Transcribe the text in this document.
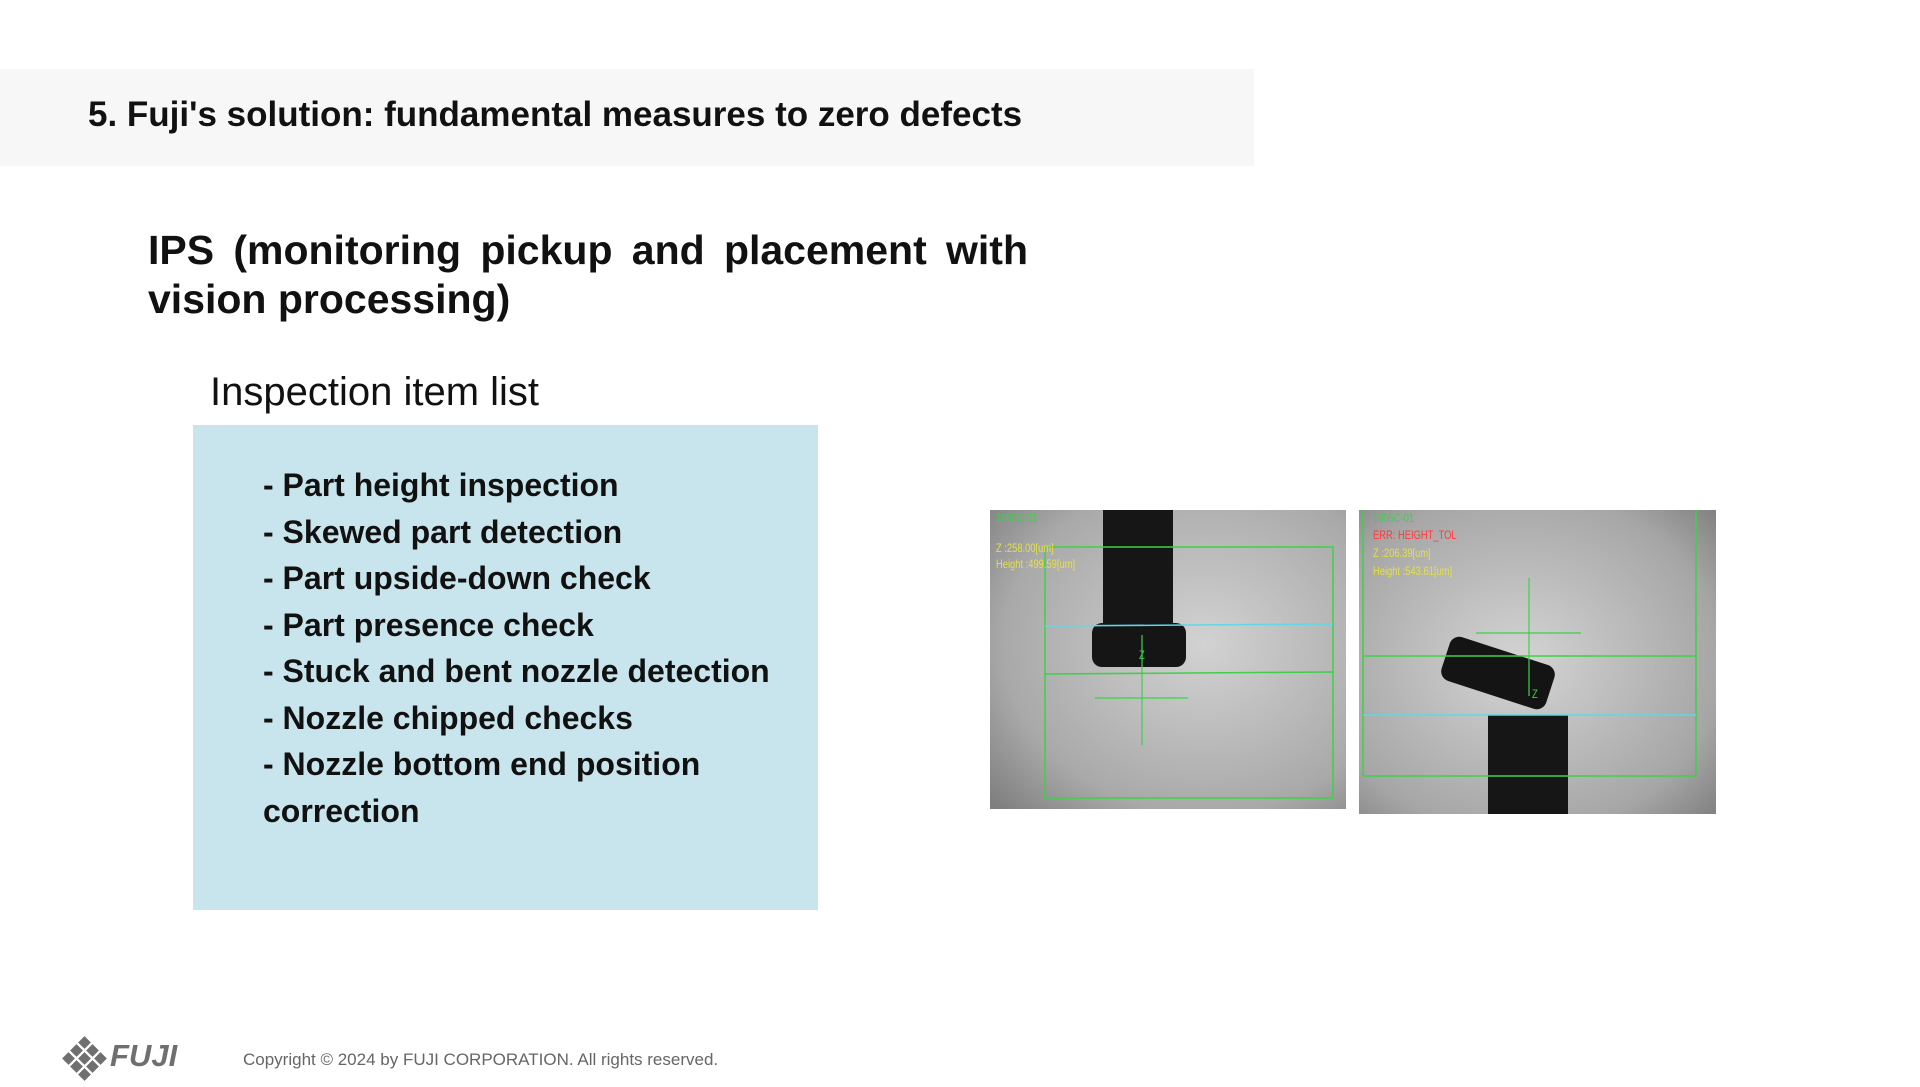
5. Fuji's solution: fundamental measures to zero defects
IPS (monitoring pickup and placement with vision processing)
Inspection item list
- Part height inspection
- Skewed part detection
- Part upside-down check
- Part presence check
- Stuck and bent nozzle detection
- Nozzle chipped checks
- Nozzle bottom end position correction
1005C-01
Z :258.00[um]
Height :499.59[um]
Z
1005C-01
ERR: HEIGHT_TOL
Z :206.39[um]
Height :543.61[um]
Z
FUJI	Copyright © 2024 by FUJI CORPORATION. All rights reserved.
